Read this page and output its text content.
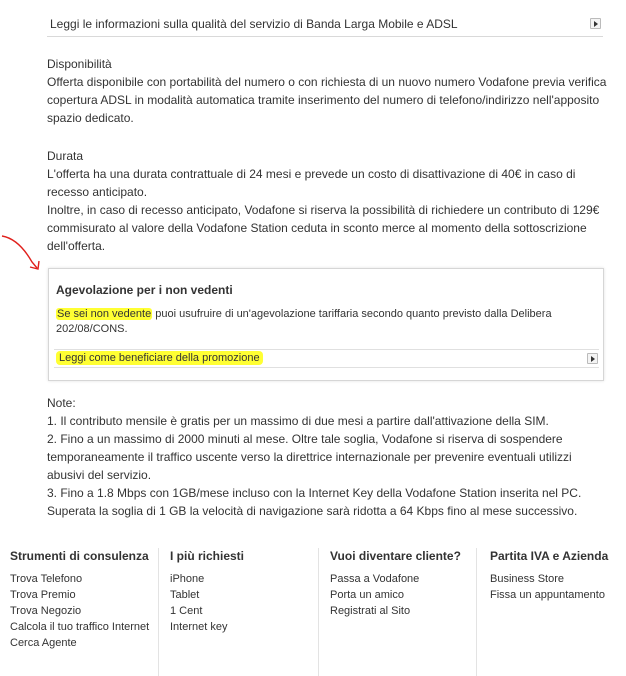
Leggi le informazioni sulla qualità del servizio di Banda Larga Mobile e ADSL

Disponibilità

Offerta disponibile con portabilità del numero o con richiesta di un nuovo numero Vodafone previa verifica copertura ADSL in modalità automatica tramite inserimento del numero di telefono/indirizzo nell'apposito spazio dedicato.

Durata

L'offerta ha una durata contrattuale di 24 mesi e prevede un costo di disattivazione di 40€ in caso di recesso anticipato.

Inoltre, in caso di recesso anticipato, Vodafone si riserva la possibilità di richiedere un contributo di 129€ commisurato al valore della Vodafone Station ceduta in sconto merce al momento della sottoscrizione dell'offerta.

Agevolazione per i non vedenti
Se sei non vedente puoi usufruire di un'agevolazione tariffaria secondo quanto previsto dalla Delibera 202/08/CONS.
Leggi come beneficiare della promozione

Note:

1. Il contributo mensile è gratis per un massimo di due mesi a partire dall'attivazione della SIM.

2. Fino a un massimo di 2000 minuti al mese. Oltre tale soglia, Vodafone si riserva di sospendere temporaneamente il traffico uscente verso la direttrice internazionale per prevenire eventuali utilizzi abusivi del servizio.

3. Fino a 1.8 Mbps con 1GB/mese incluso con la Internet Key della Vodafone Station inserita nel PC. Superata la soglia di 1 GB la velocità di navigazione sarà ridotta a 64 Kbps fino al mese successivo.

Strumenti di consulenza
Trova Telefono
Trova Premio
Trova Negozio
Calcola il tuo traffico Internet
Cerca Agente
I più richiesti
iPhone
Tablet
1 Cent
Internet key
Vuoi diventare cliente?
Passa a Vodafone
Porta un amico
Registrati al Sito
Partita IVA e Azienda
Business Store
Fissa un appuntamento
